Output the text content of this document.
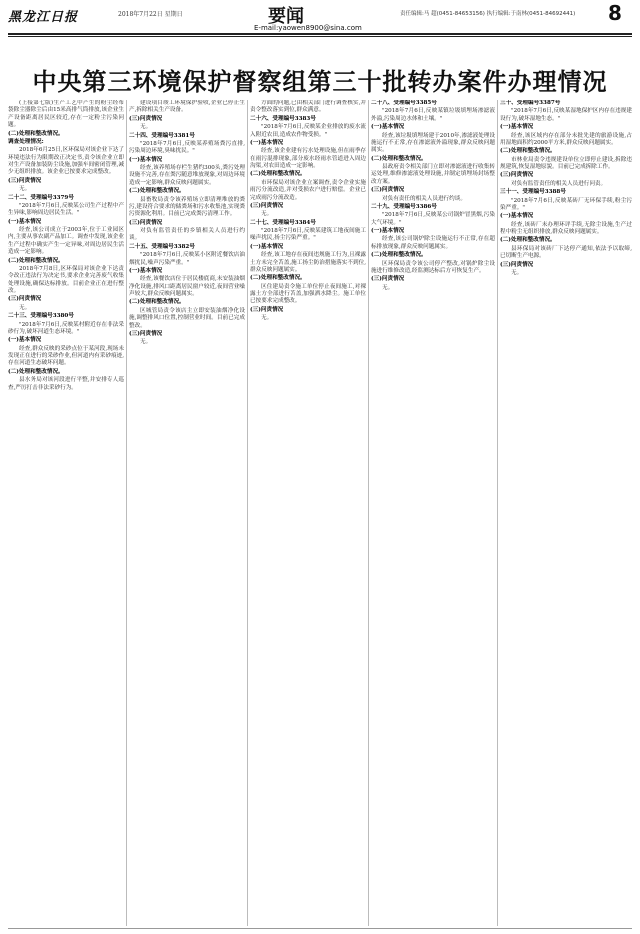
黑龙江日报	2018年7月22日 星期日	要闻
E-mail:yaowen8900@sina.com
责任编辑:马 超(0451-84653156) 执行编辑:于南林(0451-84692441) 8
中央第三环境保护督察组第三十批转办案件办理情况

(上接第七版)生产工艺中产生的粉尘经布袋除尘器除尘后由15米高排气筒排放,该企业生产设备距离居民区较近,存在一定粉尘污染问题。

(二)处理和整改情况。

调查处理情况:

2018年6月25日,区环保局对该企业下达了环境违法行为限期改正决定书,责令该企业立即对生产设备加装防尘设施,加强车间密闭管理,减少无组织排放。该企业已按要求完成整改。

(三)问责情况

无。

二十二、受理编号3379号

"2018年7月6日,反映某公司生产过程中产生异味,影响周边居民生活。"

(一)基本情况

经查,该公司成立于2003年,位于工业园区内,主要从事农副产品加工。调查中发现,该企业生产过程中确实产生一定异味,对周边居民生活造成一定影响。

(二)处理和整改情况。

2018年7月8日,区环保局对该企业下达责令改正违法行为决定书,要求企业完善废气收集处理设施,确保达标排放。目前企业正在进行整改。

(三)问责情况

无。

二十三、受理编号3380号

"2018年7月6日,反映某村附近存在非法采砂行为,破坏河道生态环境。"

(一)基本情况

经查,群众反映的采砂点位于某河段,现场未发现正在进行的采砂作业,但河道内有采砂痕迹,存在河道生态破坏问题。

(二)处理和整改情况。

县水务局对该河段进行平整,并安排专人巡查,严厉打击非法采砂行为。

建设项目竣工环境保护验收,企业已停止生产,拆除相关生产设备。

(三)问责情况

无。

二十四、受理编号3381号

"2018年7月6日,反映某养殖场粪污直排,污染周边环境,臭味扰民。"

(一)基本情况

经查,该养殖场存栏生猪约300头,粪污处理设施不完善,存在粪污随意堆放现象,对周边环境造成一定影响,群众反映问题属实。

(二)处理和整改情况。

县畜牧局责令该养殖场立即清理堆放的粪污,建设符合要求的储粪场和污水收集池,实现粪污资源化利用。目前已完成粪污清理工作。

(三)问责情况

对负有监管责任的乡镇相关人员进行约谈。

二十五、受理编号3382号

"2018年7月6日,反映某小区附近餐饮店油烟扰民,噪声污染严重。"

(一)基本情况

经查,该餐饮店位于居民楼底商,未安装油烟净化设施,排风口距离居民窗户较近,夜间营业噪声较大,群众反映问题属实。

(二)处理和整改情况。

区城管局责令该店主立即安装油烟净化设施,调整排风口位置,控制营业时间。目前已完成整改。

(三)问责情况

无。

方面的问题,已由相关部门进行调查核实,并责令整改落实到位,群众满意。

二十六、受理编号3383号

"2018年7月6日,反映某企业排放的废水流入附近农田,造成农作物受损。"

(一)基本情况

经查,该企业建有污水处理设施,但在雨季存在雨污混排现象,部分废水经雨水管道进入周边沟渠,对农田造成一定影响。

(二)处理和整改情况。

市环保局对该企业立案调查,责令企业实施雨污分流改造,并对受损农户进行赔偿。企业已完成雨污分流改造。

(三)问责情况

无。

二十七、受理编号3384号

"2018年7月6日,反映某建筑工地夜间施工噪声扰民,扬尘污染严重。"

(一)基本情况

经查,该工地存在夜间违规施工行为,且裸露土方未完全苫盖,施工扬尘防治措施落实不到位,群众反映问题属实。

(二)处理和整改情况。

区住建局责令施工单位停止夜间施工,对裸露土方全部进行苫盖,加强洒水降尘。施工单位已按要求完成整改。

(三)问责情况

无。

二十八、受理编号3385号

"2018年7月6日,反映某镇垃圾填埋场渗滤液外溢,污染周边水体和土壤。"

(一)基本情况

经查,该垃圾填埋场建于2010年,渗滤液处理设施运行不正常,存在渗滤液外溢现象,群众反映问题属实。

(二)处理和整改情况。

县政府责令相关部门立即对渗滤液进行收集转运处理,维修渗滤液处理设施,并制定填埋场封场整改方案。

(三)问责情况

对负有责任的相关人员进行约谈。

二十九、受理编号3386号

"2018年7月6日,反映某公司锅炉冒黑烟,污染大气环境。"

(一)基本情况

经查,该公司锅炉除尘设施运行不正常,存在超标排放现象,群众反映问题属实。

(二)处理和整改情况。

区环保局责令该公司停产整改,对锅炉除尘设施进行维修改造,经监测达标后方可恢复生产。

(三)问责情况

无。

三十、受理编号3387号

"2018年7月6日,反映某湿地保护区内存在违规建设行为,破坏湿地生态。"

(一)基本情况

经查,该区域内存在部分未批先建的旅游设施,占用湿地面积约2000平方米,群众反映问题属实。

(二)处理和整改情况。

市林业局责令违规建设单位立即停止建设,拆除违规建筑,恢复湿地原貌。目前已完成拆除工作。

(三)问责情况

对负有监管责任的相关人员进行问责。

三十一、受理编号3388号

"2018年7月6日,反映某砖厂无环保手续,粉尘污染严重。"

(一)基本情况

经查,该砖厂未办理环评手续,无除尘设施,生产过程中粉尘无组织排放,群众反映问题属实。

(二)处理和整改情况。

县环保局对该砖厂下达停产通知,依法予以取缔,已切断生产电源。

(三)问责情况

无。
